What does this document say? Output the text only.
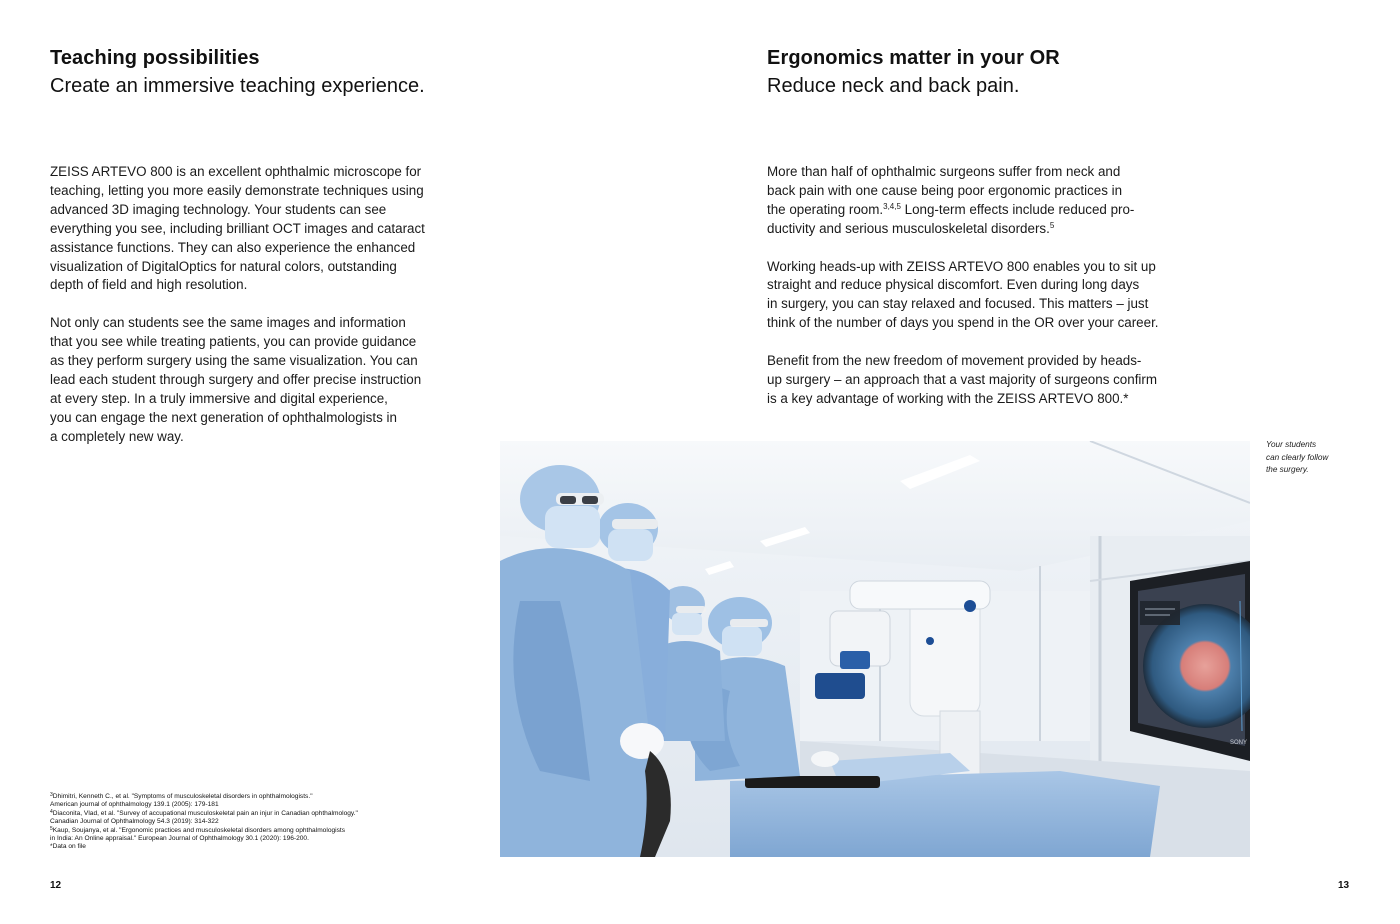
Teaching possibilities
Create an immersive teaching experience.

ZEISS ARTEVO 800 is an excellent ophthalmic microscope for
teaching, letting you more easily demonstrate techniques using
advanced 3D imaging technology. Your students can see
everything you see, including brilliant OCT images and cataract
assistance functions. They can also experience the enhanced
visualization of DigitalOptics for natural colors, outstanding
depth of field and high resolution.

Not only can students see the same images and information
that you see while treating patients, you can provide guidance
as they perform surgery using the same visualization. You can
lead each student through surgery and offer precise instruction
at every step. In a truly immersive and digital experience,
you can engage the next generation of ophthalmologists in
a completely new way.

$^3$Dhimitri, Kenneth C., et al. "Symptoms of musculoskeletal disorders in ophthalmologists."
American journal of ophthalmology 139.1 (2005): 179-181
$^4$Diaconita, Vlad, et al. "Survey of accupational musculoskeletal pain an injur in Canadian ophthalmology."
Canadian Journal of Ophthalmology 54.3 (2019): 314-322
$^5$Kaup, Soujanya, et al. "Ergonomic practices and musculoskeletal disorders among ophthalmologists
in India: An Online appraisal." European Journal of Ophthalmology 30.1 (2020): 196-200.
*Data on file
12
Ergonomics matter in your OR
Reduce neck and back pain.

More than half of ophthalmic surgeons suffer from neck and
back pain with one cause being poor ergonomic practices in
the operating room.$^{3,4,5}$ Long-term effects include reduced pro-
ductivity and serious musculoskeletal disorders.$^5$

Working heads-up with ZEISS ARTEVO 800 enables you to sit up
straight and reduce physical discomfort. Even during long days
in surgery, you can stay relaxed and focused. This matters – just
think of the number of days you spend in the OR over your career.

Benefit from the new freedom of movement provided by heads-
up surgery – an approach that a vast majority of surgeons confirm
is a key advantage of working with the ZEISS ARTEVO 800.*

13
Your students
can clearly follow
the surgery.
SONY
